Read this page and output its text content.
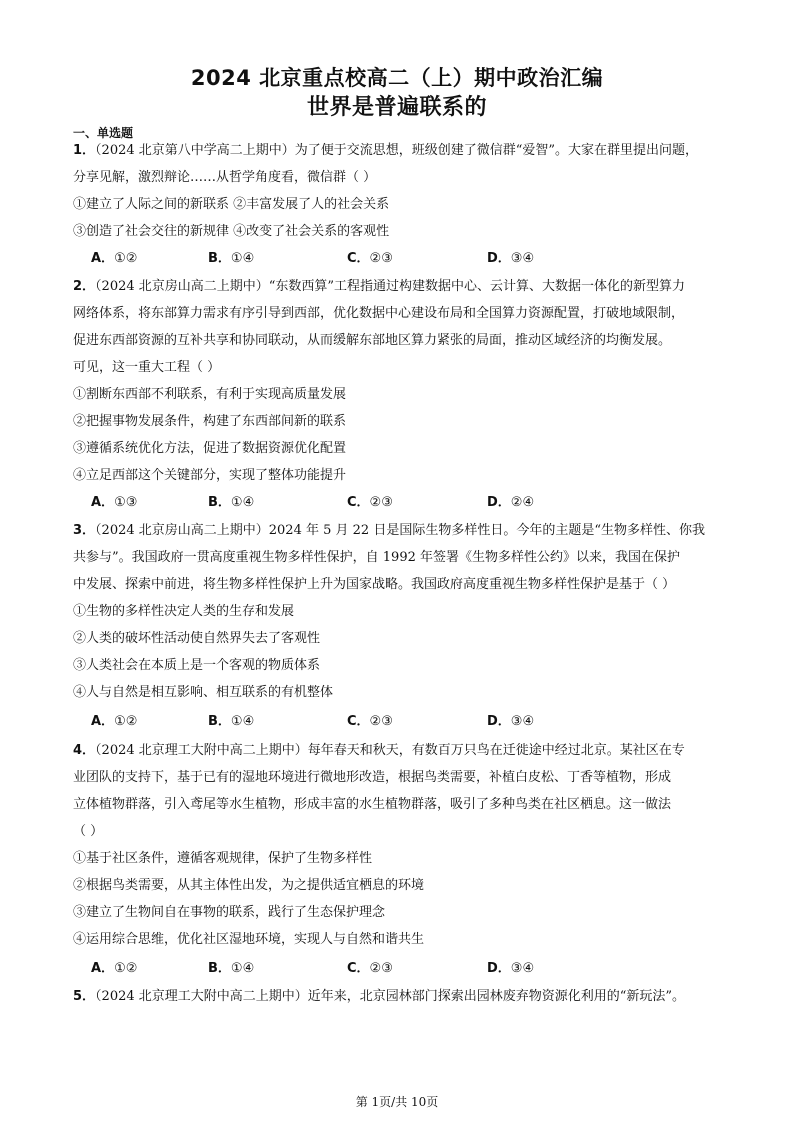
2024 北京重点校高二（上）期中政治汇编
世界是普遍联系的
一、单选题
1．（2024 北京第八中学高二上期中）为了便于交流思想，班级创建了微信群“爱智”。大家在群里提出问题，
分享见解，激烈辩论……从哲学角度看，微信群（ ）
①建立了人际之间的新联系 ②丰富发展了人的社会关系
③创造了社会交往的新规律 ④改变了社会关系的客观性
A．①②	B．①④	C．②③	D．③④
2．（2024 北京房山高二上期中）“东数西算”工程指通过构建数据中心、云计算、大数据一体化的新型算力
网络体系，将东部算力需求有序引导到西部，优化数据中心建设布局和全国算力资源配置，打破地域限制，
促进东西部资源的互补共享和协同联动，从而缓解东部地区算力紧张的局面，推动区域经济的均衡发展。
可见，这一重大工程（ ）
①割断东西部不利联系，有利于实现高质量发展
②把握事物发展条件，构建了东西部间新的联系
③遵循系统优化方法，促进了数据资源优化配置
④立足西部这个关键部分，实现了整体功能提升
A．①③	B．①④	C．②③	D．②④
3．（2024 北京房山高二上期中）2024 年 5 月 22 日是国际生物多样性日。今年的主题是“生物多样性、你我
共参与”。我国政府一贯高度重视生物多样性保护，自 1992 年签署《生物多样性公约》以来，我国在保护
中发展、探索中前进，将生物多样性保护上升为国家战略。我国政府高度重视生物多样性保护是基于（ ）
①生物的多样性决定人类的生存和发展
②人类的破坏性活动使自然界失去了客观性
③人类社会在本质上是一个客观的物质体系
④人与自然是相互影响、相互联系的有机整体
A．①②	B．①④	C．②③	D．③④
4．（2024 北京理工大附中高二上期中）每年春天和秋天，有数百万只鸟在迁徙途中经过北京。某社区在专
业团队的支持下，基于已有的湿地环境进行微地形改造，根据鸟类需要，补植白皮松、丁香等植物，形成
立体植物群落，引入鸢尾等水生植物，形成丰富的水生植物群落，吸引了多种鸟类在社区栖息。这一做法
（ ）
①基于社区条件，遵循客观规律，保护了生物多样性
②根据鸟类需要，从其主体性出发，为之提供适宜栖息的环境
③建立了生物间自在事物的联系，践行了生态保护理念
④运用综合思维，优化社区湿地环境，实现人与自然和谐共生
A．①②	B．①④	C．②③	D．③④
5．（2024 北京理工大附中高二上期中）近年来，北京园林部门探索出园林废弃物资源化利用的“新玩法”。
第 1页/共 10页
